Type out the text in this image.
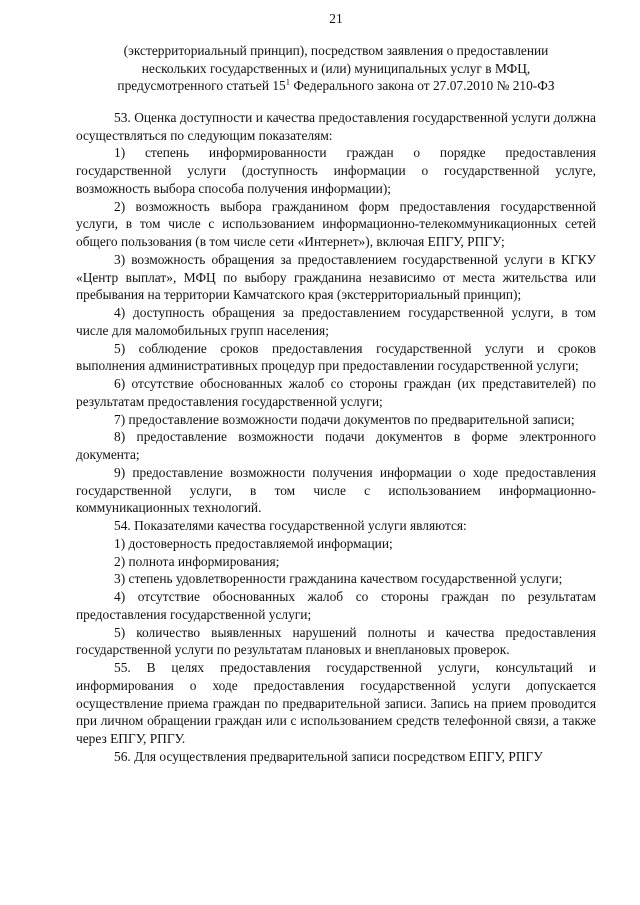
21
(экстерриториальный принцип), посредством заявления о предоставлении
нескольких государственных и (или) муниципальных услуг в МФЦ,
предусмотренного статьей $15^1$ Федерального закона от 27.07.2010 № 210-ФЗ

53. Оценка доступности и качества предоставления государственной услуги должна осуществляться по следующим показателям:

1) степень информированности граждан о порядке предоставления государственной услуги (доступность информации о государственной услуге, возможность выбора способа получения информации);

2) возможность выбора гражданином форм предоставления государственной услуги, в том числе с использованием информационно-телекоммуникационных сетей общего пользования (в том числе сети «Интернет»), включая ЕПГУ, РПГУ;

3) возможность обращения за предоставлением государственной услуги в КГКУ «Центр выплат», МФЦ по выбору гражданина независимо от места жительства или пребывания на территории Камчатского края (экстерриториальный принцип);

4) доступность обращения за предоставлением государственной услуги, в том числе для маломобильных групп населения;

5) соблюдение сроков предоставления государственной услуги и сроков выполнения административных процедур при предоставлении государственной услуги;

6) отсутствие обоснованных жалоб со стороны граждан (их представителей) по результатам предоставления государственной услуги;

7) предоставление возможности подачи документов по предварительной записи;

8) предоставление возможности подачи документов в форме электронного документа;

9) предоставление возможности получения информации о ходе предоставления государственной услуги, в том числе с использованием информационно-коммуникационных технологий.

54. Показателями качества государственной услуги являются:

1) достоверность предоставляемой информации;

2) полнота информирования;

3) степень удовлетворенности гражданина качеством государственной услуги;

4) отсутствие обоснованных жалоб со стороны граждан по результатам предоставления государственной услуги;

5) количество выявленных нарушений полноты и качества предоставления государственной услуги по результатам плановых и внеплановых проверок.

55. В целях предоставления государственной услуги, консультаций и информирования о ходе предоставления государственной услуги допускается осуществление приема граждан по предварительной записи. Запись на прием проводится при личном обращении граждан или с использованием средств телефонной связи, а также через ЕПГУ, РПГУ.

56. Для осуществления предварительной записи посредством ЕПГУ, РПГУ
